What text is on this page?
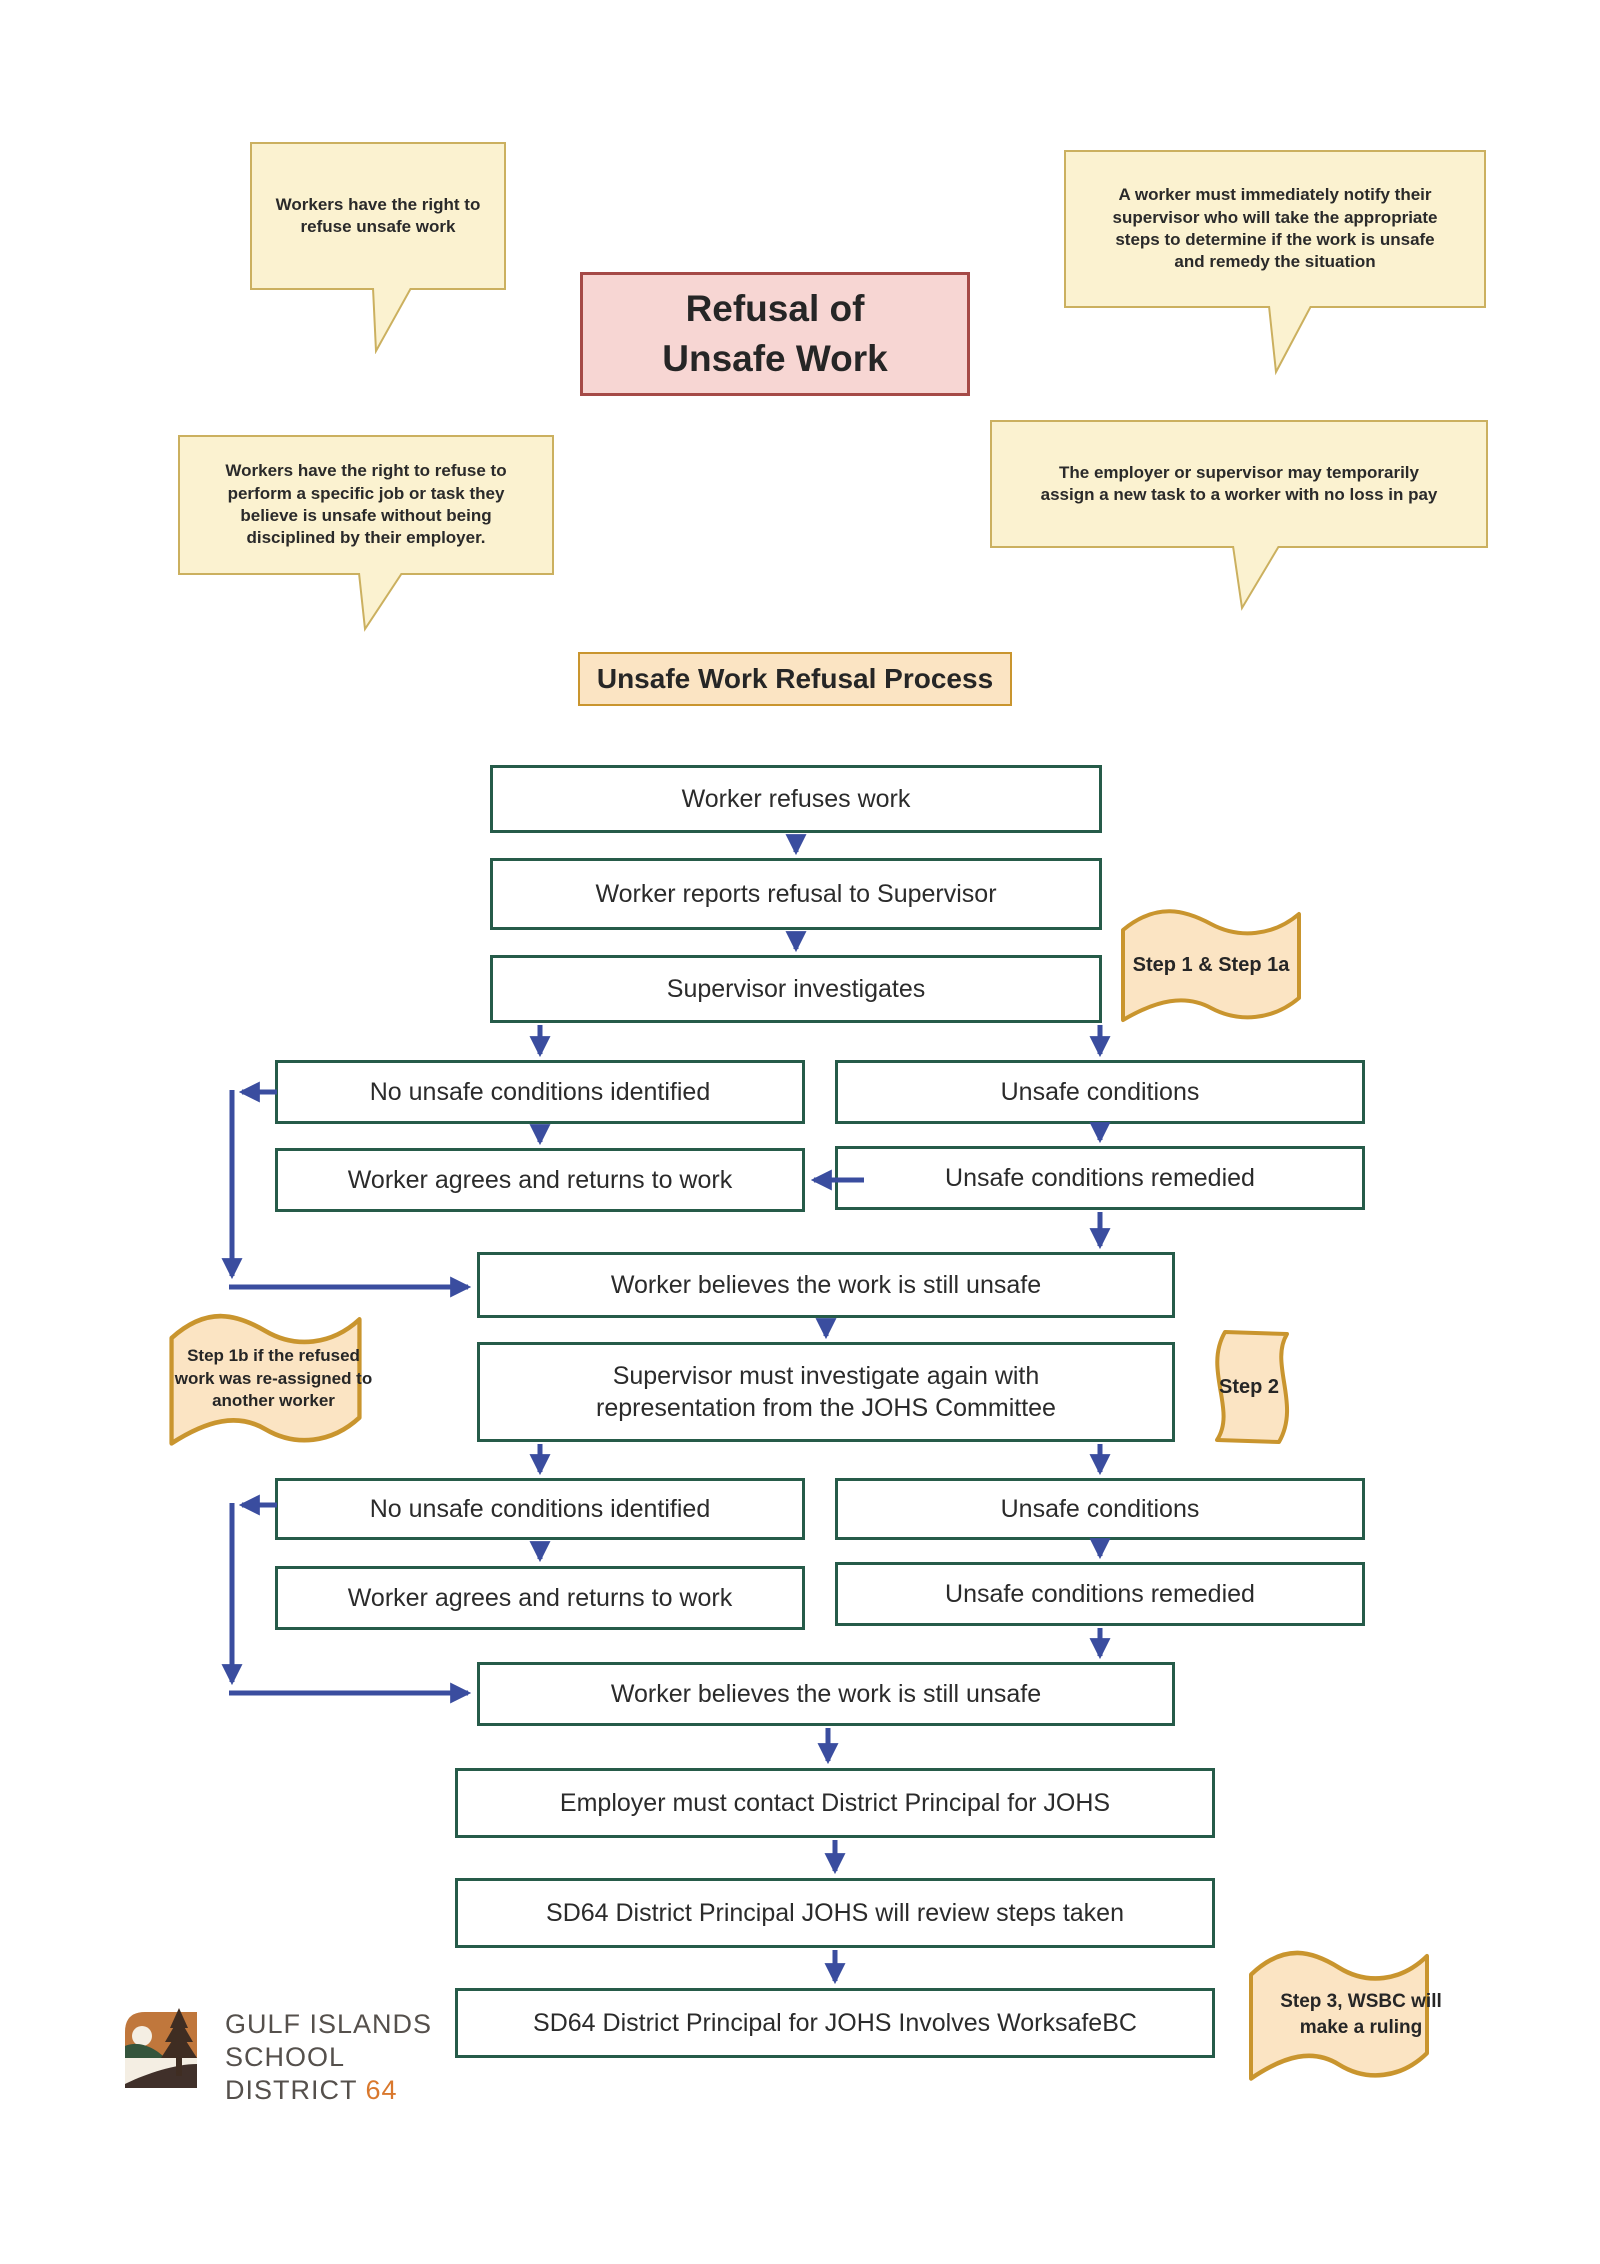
Workers have the right to refuse unsafe work
A worker must immediately notify their supervisor who will take the appropriate steps to determine if the work is unsafe and remedy the situation
Workers have the right to refuse to perform a specific job or task they believe is unsafe without being disciplined by their employer.
The employer or supervisor may temporarily assign a new task to a worker with no loss in pay
Refusal of
Unsafe Work
Unsafe Work Refusal Process
Worker refuses work
Worker reports refusal to Supervisor
Supervisor investigates
No unsafe conditions identified	Unsafe conditions
Worker agrees and returns to work	Unsafe conditions remedied
Worker believes the work is still unsafe
Supervisor must investigate again with
representation from the JOHS Committee
No unsafe conditions identified	Unsafe conditions
Worker agrees and returns to work	Unsafe conditions remedied
Worker believes the work is still unsafe
Employer must contact District Principal for JOHS
SD64 District Principal JOHS will review steps taken
SD64 District Principal for JOHS Involves WorksafeBC
Step 1 & Step 1a
Step 1b if the refused work was re-assigned to another worker
Step 2
Step 3, WSBC will make a ruling
GULF ISLANDS
SCHOOL
DISTRICT 64
